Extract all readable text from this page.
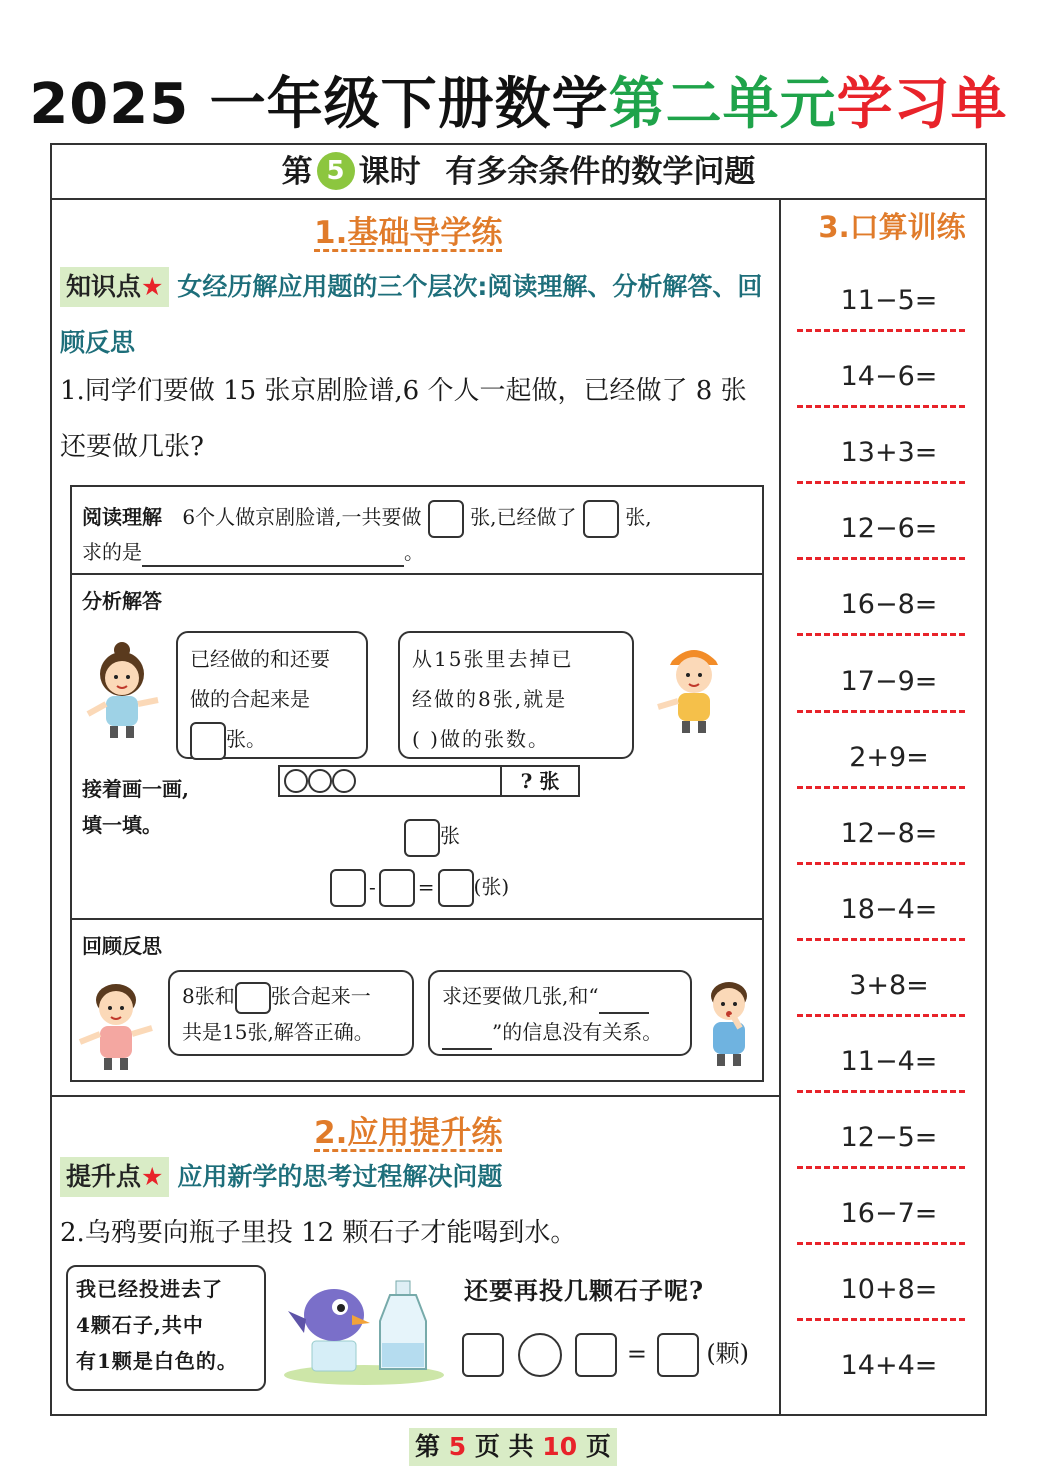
2025 一年级下册数学第二单元学习单
第 5 课时 有多余条件的数学问题
1.基础导学练
知识点★ 女经历解应用题的三个层次:阅读理解、分析解答、回顾反思
1.同学们要做 15 张京剧脸谱,6 个人一起做，已经做了 8 张还要做几张?
阅读理解 6个人做京剧脸谱,一共要做 张,已经做了 张,
求的是	。
分析解答
已经做的和还要
做的合起来是
张。
从15张里去掉已
经做的8张,就是
( )做的张数。
接着画一画,
填一填。
? 张
张
- = (张)
回顾反思
8张和 张合起来一
共是15张,解答正确。
求还要做几张,和“
”的信息没有关系。
2.应用提升练
提升点★ 应用新学的思考过程解决问题
2.乌鸦要向瓶子里投 12 颗石子才能喝到水。
我已经投进去了
4颗石子,共中
有1颗是白色的。
还要再投几颗石子呢?
= (颗)
3.口算训练
11−5=
14−6=
13+3=
12−6=
16−8=
17−9=
2+9=
12−8=
18−4=
3+8=
11−4=
12−5=
16−7=
10+8=
14+4=
第 5 页 共 10 页
